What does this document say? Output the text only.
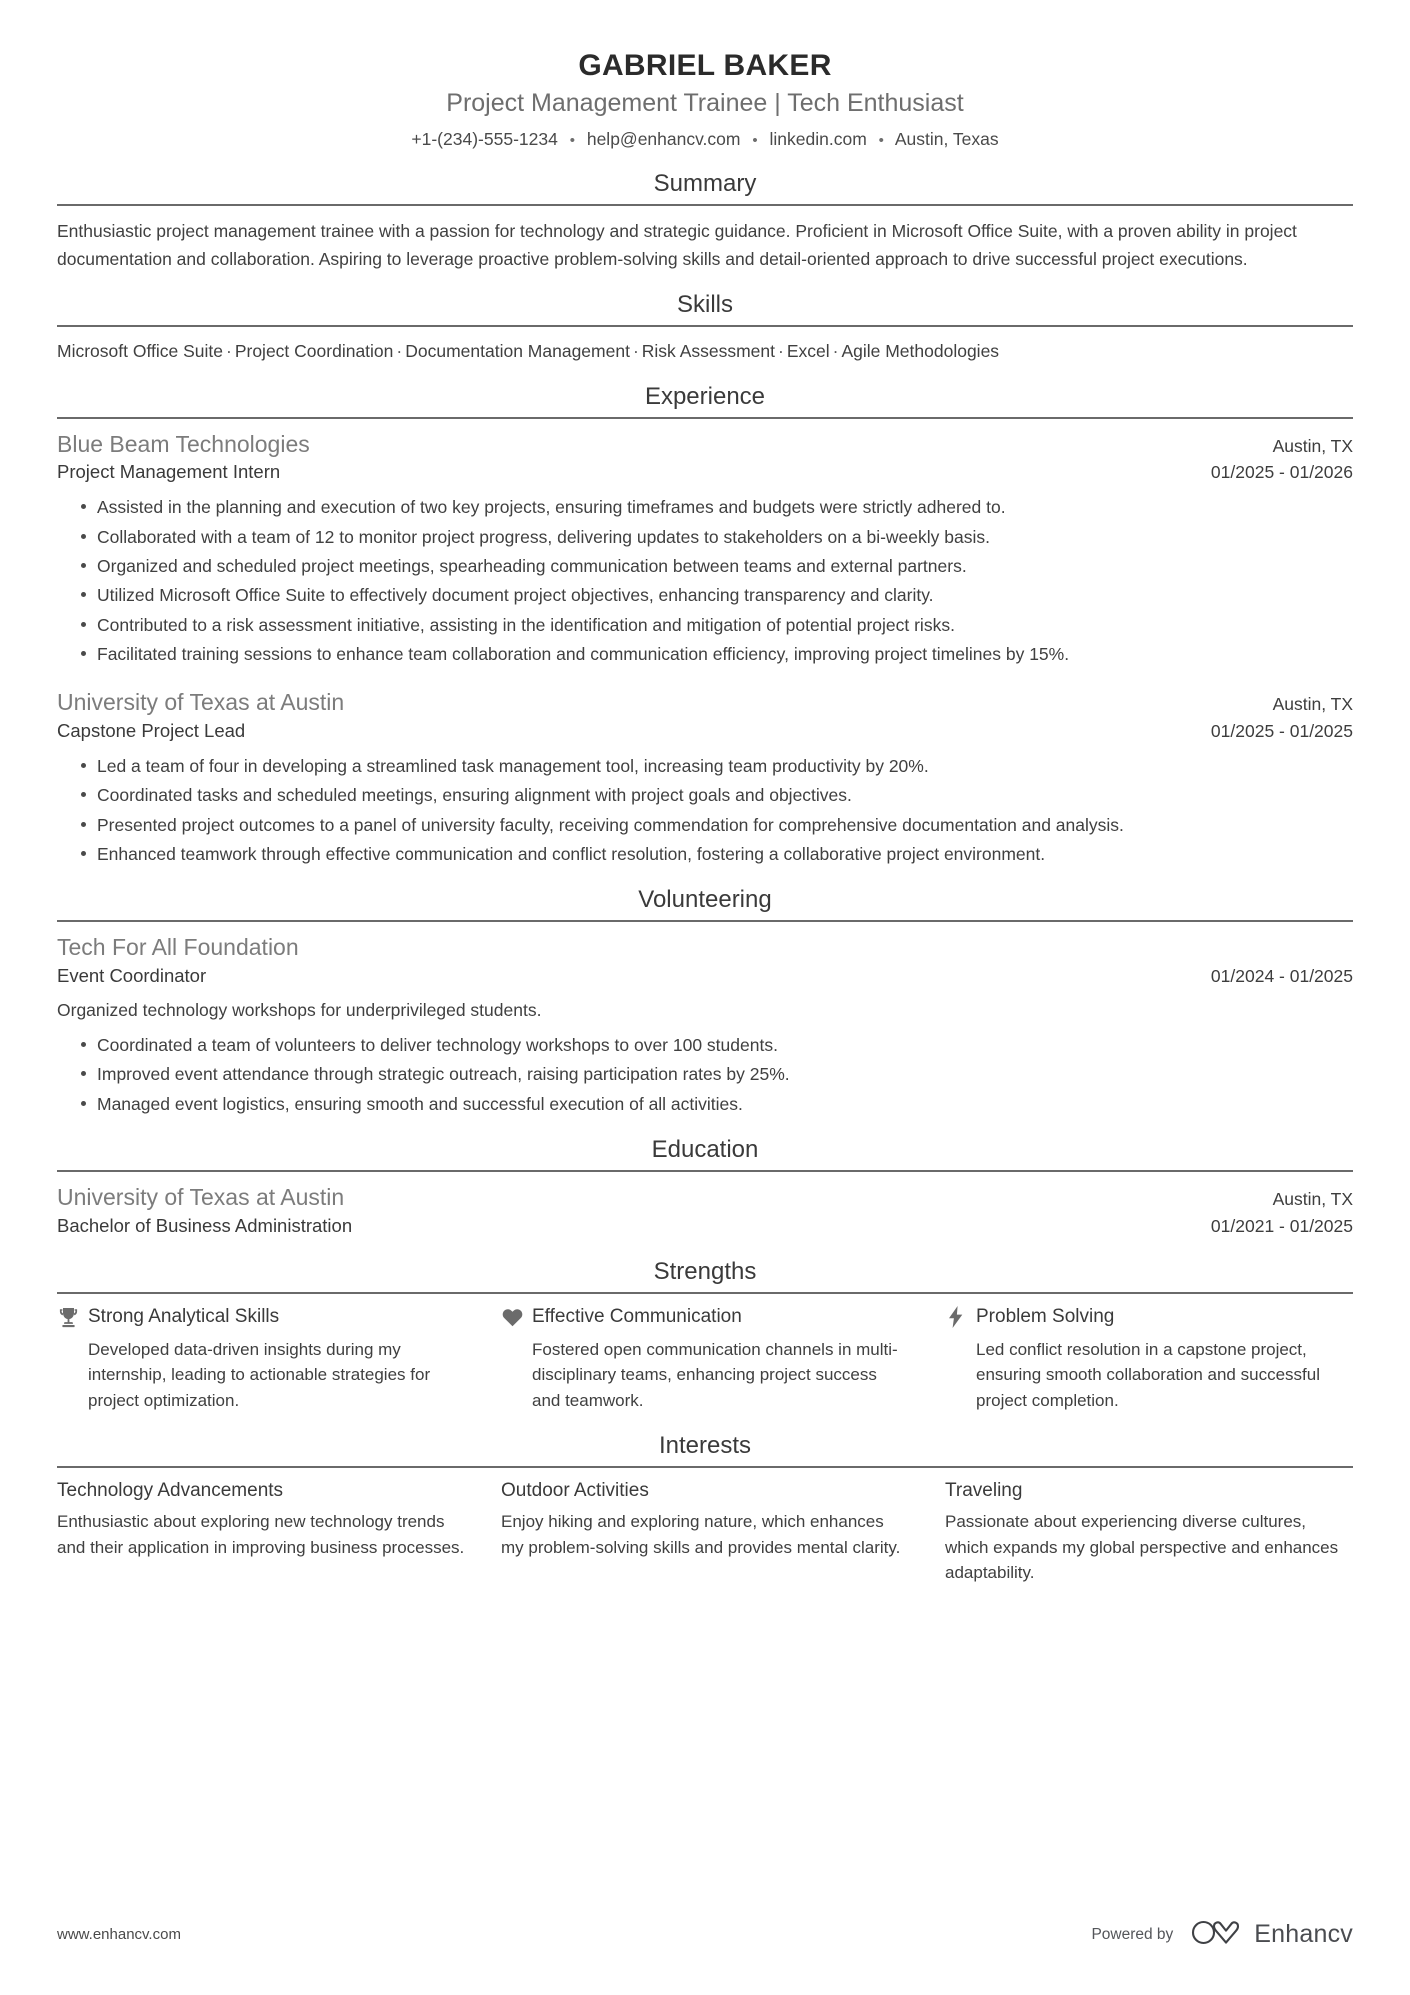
GABRIEL BAKER
Project Management Trainee | Tech Enthusiast
+1-(234)-555-1234 • help@enhancv.com • linkedin.com • Austin, Texas
Summary
Enthusiastic project management trainee with a passion for technology and strategic guidance. Proficient in Microsoft Office Suite, with a proven ability in project documentation and collaboration. Aspiring to leverage proactive problem-solving skills and detail-oriented approach to drive successful project executions.
Skills
Microsoft Office Suite · Project Coordination · Documentation Management · Risk Assessment · Excel · Agile Methodologies
Experience
Blue Beam Technologies	Austin, TX
Project Management Intern	01/2025 - 01/2026
Assisted in the planning and execution of two key projects, ensuring timeframes and budgets were strictly adhered to.
Collaborated with a team of 12 to monitor project progress, delivering updates to stakeholders on a bi-weekly basis.
Organized and scheduled project meetings, spearheading communication between teams and external partners.
Utilized Microsoft Office Suite to effectively document project objectives, enhancing transparency and clarity.
Contributed to a risk assessment initiative, assisting in the identification and mitigation of potential project risks.
Facilitated training sessions to enhance team collaboration and communication efficiency, improving project timelines by 15%.
University of Texas at Austin	Austin, TX
Capstone Project Lead	01/2025 - 01/2025
Led a team of four in developing a streamlined task management tool, increasing team productivity by 20%.
Coordinated tasks and scheduled meetings, ensuring alignment with project goals and objectives.
Presented project outcomes to a panel of university faculty, receiving commendation for comprehensive documentation and analysis.
Enhanced teamwork through effective communication and conflict resolution, fostering a collaborative project environment.
Volunteering
Tech For All Foundation
Event Coordinator	01/2024 - 01/2025
Organized technology workshops for underprivileged students.
Coordinated a team of volunteers to deliver technology workshops to over 100 students.
Improved event attendance through strategic outreach, raising participation rates by 25%.
Managed event logistics, ensuring smooth and successful execution of all activities.
Education
University of Texas at Austin	Austin, TX
Bachelor of Business Administration	01/2021 - 01/2025
Strengths
Strong Analytical Skills
Developed data-driven insights during my internship, leading to actionable strategies for project optimization.
Effective Communication
Fostered open communication channels in multi-disciplinary teams, enhancing project success and teamwork.
Problem Solving
Led conflict resolution in a capstone project, ensuring smooth collaboration and successful project completion.
Interests
Technology Advancements
Enthusiastic about exploring new technology trends and their application in improving business processes.
Outdoor Activities
Enjoy hiking and exploring nature, which enhances my problem-solving skills and provides mental clarity.
Traveling
Passionate about experiencing diverse cultures, which expands my global perspective and enhances adaptability.
www.enhancv.com	Powered by	Enhancv
